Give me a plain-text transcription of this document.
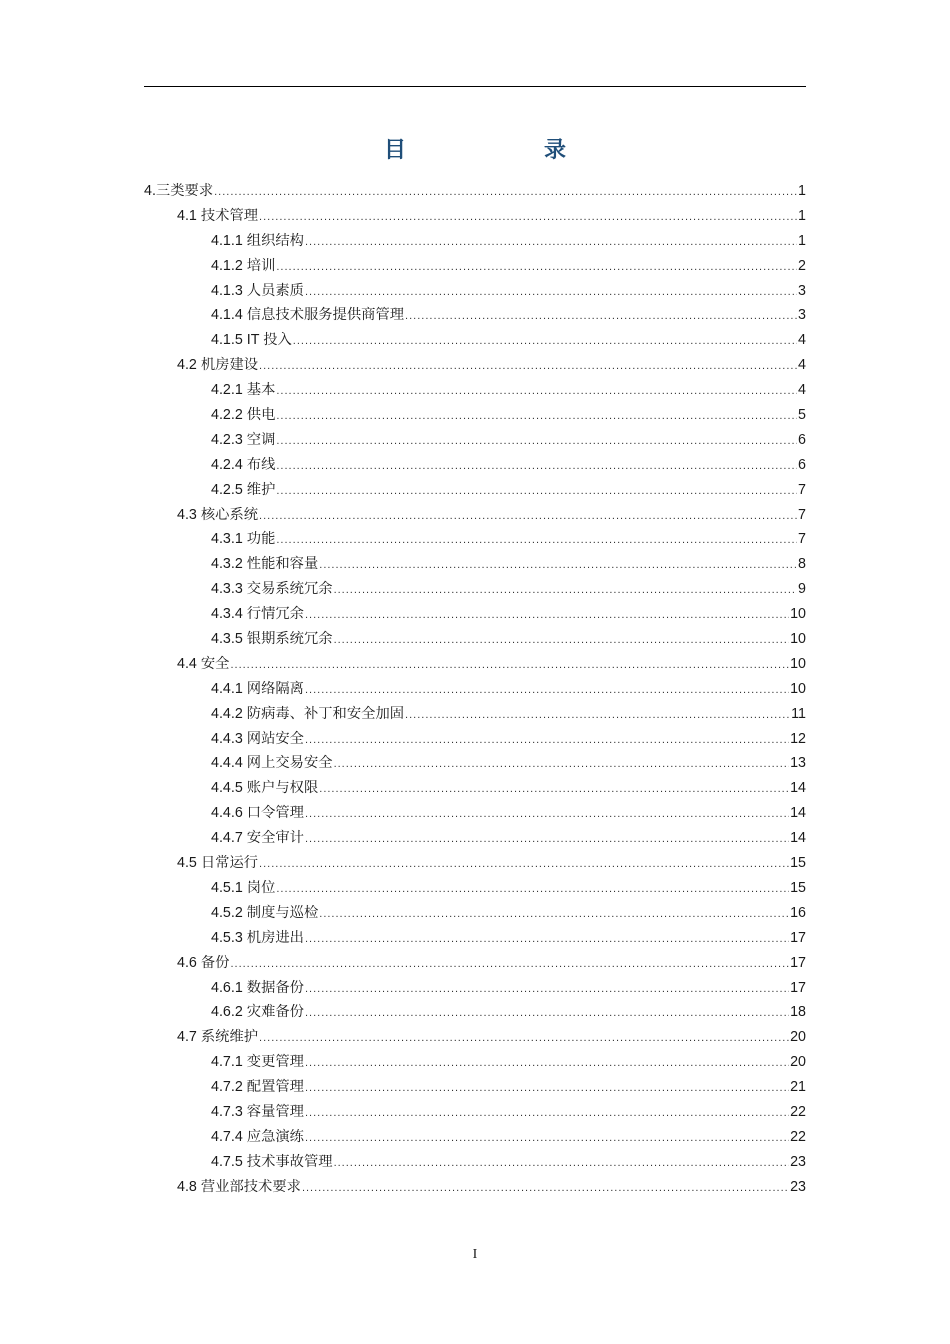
目　录
4.三类要求 .....	1
4.1 技术管理 .....	1
4.1.1 组织结构 .....	1
4.1.2 培训 .....	2
4.1.3 人员素质 .....	3
4.1.4 信息技术服务提供商管理 .....	3
4.1.5 IT 投入 .....	4
4.2 机房建设 .....	4
4.2.1 基本 .....	4
4.2.2 供电 .....	5
4.2.3 空调 .....	6
4.2.4 布线 .....	6
4.2.5 维护 .....	7
4.3 核心系统 .....	7
4.3.1 功能 .....	7
4.3.2 性能和容量 .....	8
4.3.3 交易系统冗余 .....	9
4.3.4 行情冗余 .....	10
4.3.5 银期系统冗余 .....	10
4.4 安全 .....	10
4.4.1 网络隔离 .....	10
4.4.2 防病毒、补丁和安全加固 .....	11
4.4.3 网站安全 .....	12
4.4.4 网上交易安全 .....	13
4.4.5 账户与权限 .....	14
4.4.6 口令管理 .....	14
4.4.7 安全审计 .....	14
4.5 日常运行 .....	15
4.5.1 岗位 .....	15
4.5.2 制度与巡检 .....	16
4.5.3 机房进出 .....	17
4.6 备份 .....	17
4.6.1 数据备份 .....	17
4.6.2 灾难备份 .....	18
4.7 系统维护 .....	20
4.7.1 变更管理 .....	20
4.7.2 配置管理 .....	21
4.7.3 容量管理 .....	22
4.7.4 应急演练 .....	22
4.7.5 技术事故管理 .....	23
4.8 营业部技术要求 .....	23
I
